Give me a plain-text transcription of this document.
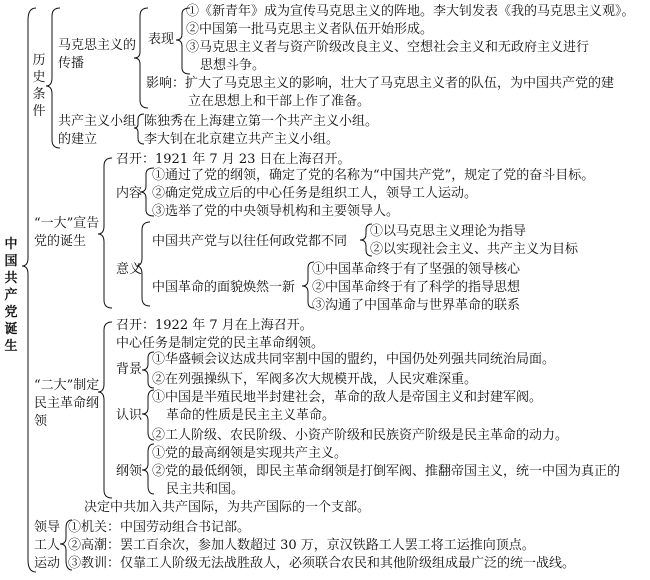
中国共产党诞生
历史条件
马克思主义的
传播
表现
①《新青年》成为宣传马克思主义的阵地。李大钊发表《我的马克思主义观》。
②中国第一批马克思主义者队伍开始形成。
③马克思主义者与资产阶级改良主义、空想社会主义和无政府主义进行
思想斗争。
影响：扩大了马克思主义的影响，壮大了马克思主义者的队伍，为中国共产党的建
立在思想上和干部上作了准备。
共产主义小组
的建立
陈独秀在上海建立第一个共产主义小组。
李大钊在北京建立共产主义小组。
“一大”宣告
党的诞生
召开：1921 年 7 月 23 日在上海召开。
内容
①通过了党的纲领，确定了党的名称为“中国共产党”，规定了党的奋斗目标。
②确定党成立后的中心任务是组织工人，领导工人运动。
③选举了党的中央领导机构和主要领导人。
意义
中国共产党与以往任何政党都不同
①以马克思主义理论为指导
②以实现社会主义、共产主义为目标
中国革命的面貌焕然一新
①中国革命终于有了坚强的领导核心
②中国革命终于有了科学的指导思想
③沟通了中国革命与世界革命的联系
“二大”制定
民主革命纲
领
召开：1922 年 7 月在上海召开。
中心任务是制定党的民主革命纲领。
背景
①华盛顿会议达成共同宰割中国的盟约，中国仍处列强共同统治局面。
②在列强操纵下，军阀多次大规模开战，人民灾难深重。
认识
①中国是半殖民地半封建社会，革命的敌人是帝国主义和封建军阀。
革命的性质是民主主义革命。
②工人阶级、农民阶级、小资产阶级和民族资产阶级是民主革命的动力。
纲领
①党的最高纲领是实现共产主义。
②党的最低纲领，即民主革命纲领是打倒军阀、推翻帝国主义，统一中国为真正的
民主共和国。
决定中共加入共产国际，为共产国际的一个支部。
领导
工人
运动
①机关：中国劳动组合书记部。
②高潮：罢工百余次，参加人数超过 30 万，京汉铁路工人罢工将工运推向顶点。
③教训：仅靠工人阶级无法战胜敌人，必须联合农民和其他阶级组成最广泛的统一战线。
